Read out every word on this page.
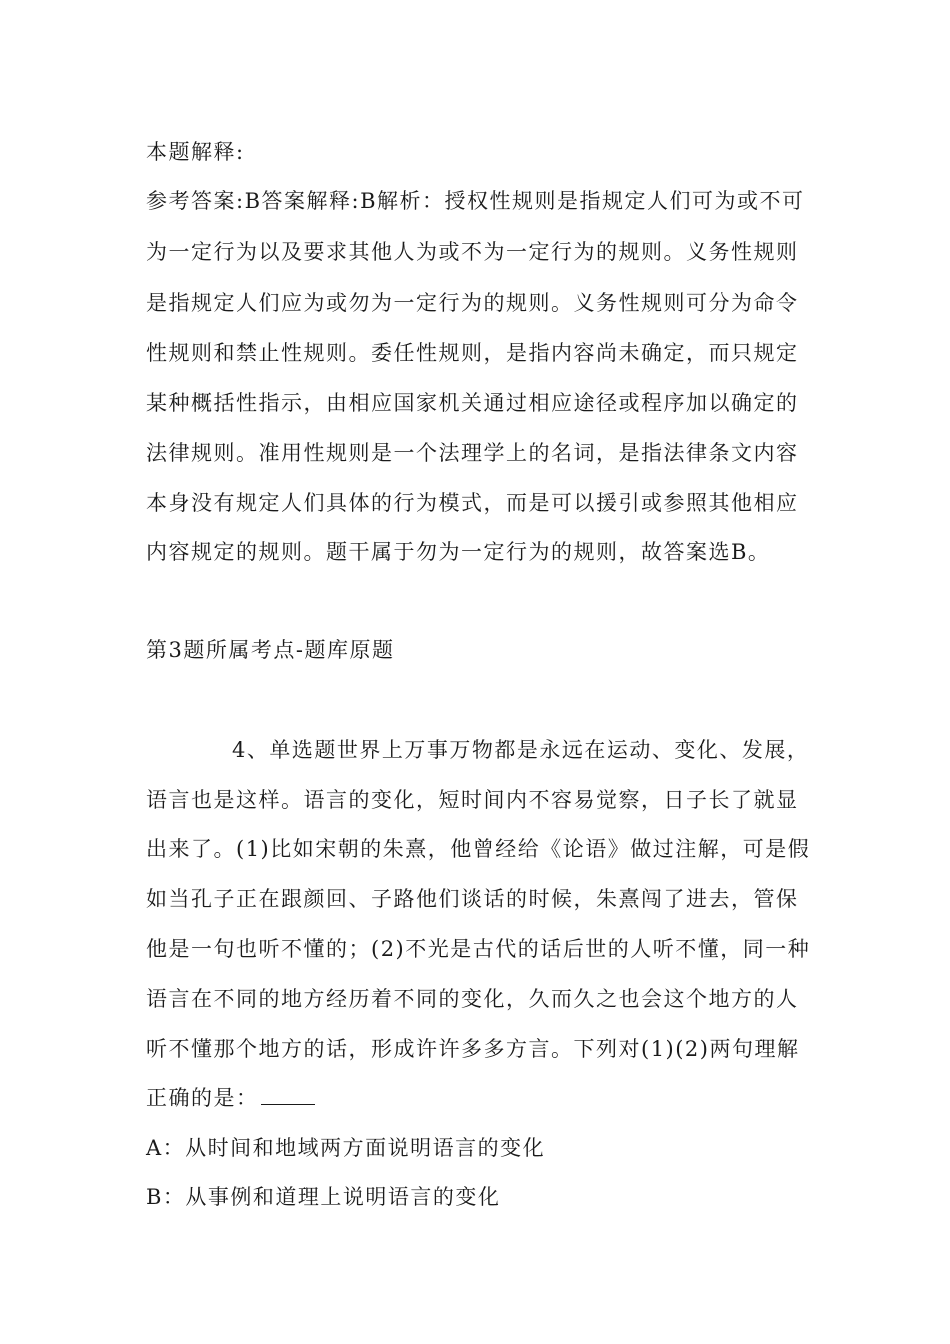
本题解释:
参考答案:B答案解释:B解析：授权性规则是指规定人们可为或不可
为一定行为以及要求其他人为或不为一定行为的规则。义务性规则
是指规定人们应为或勿为一定行为的规则。义务性规则可分为命令
性规则和禁止性规则。委任性规则，是指内容尚未确定，而只规定
某种概括性指示，由相应国家机关通过相应途径或程序加以确定的
法律规则。准用性规则是一个法理学上的名词，是指法律条文内容
本身没有规定人们具体的行为模式，而是可以援引或参照其他相应
内容规定的规则。题干属于勿为一定行为的规则，故答案选B。
第3题所属考点-题库原题
4、单选题世界上万事万物都是永远在运动、变化、发展，
语言也是这样。语言的变化，短时间内不容易觉察，日子长了就显
出来了。(1)比如宋朝的朱熹，他曾经给《论语》做过注解，可是假
如当孔子正在跟颜回、子路他们谈话的时候，朱熹闯了进去，管保
他是一句也听不懂的；(2)不光是古代的话后世的人听不懂，同一种
语言在不同的地方经历着不同的变化，久而久之也会这个地方的人
听不懂那个地方的话，形成许许多多方言。下列对(1)(2)两句理解
正确的是：
A：从时间和地域两方面说明语言的变化
B：从事例和道理上说明语言的变化
